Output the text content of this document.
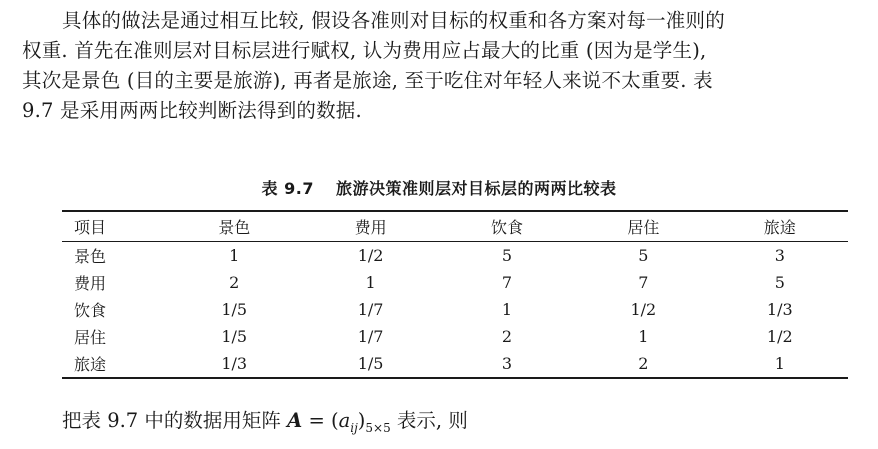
具体的做法是通过相互比较, 假设各准则对目标的权重和各方案对每一准则的
权重. 首先在准则层对目标层进行赋权, 认为费用应占最大的比重 (因为是学生),
其次是景色 (目的主要是旅游), 再者是旅途, 至于吃住对年轻人来说不太重要. 表
9.7 是采用两两比较判断法得到的数据.
表 9.7 旅游决策准则层对目标层的两两比较表
项目	景色	费用	饮食	居住	旅途
景色	1	1/2	5	5	3
费用	2	1	7	7	5
饮食	1/5	1/7	1	1/2	1/3
居住	1/5	1/7	2	1	1/2
旅途	1/3	1/5	3	2	1
把表 9.7 中的数据用矩阵 $A = (a_{ij})_{5\times 5}$ 表示, 则
